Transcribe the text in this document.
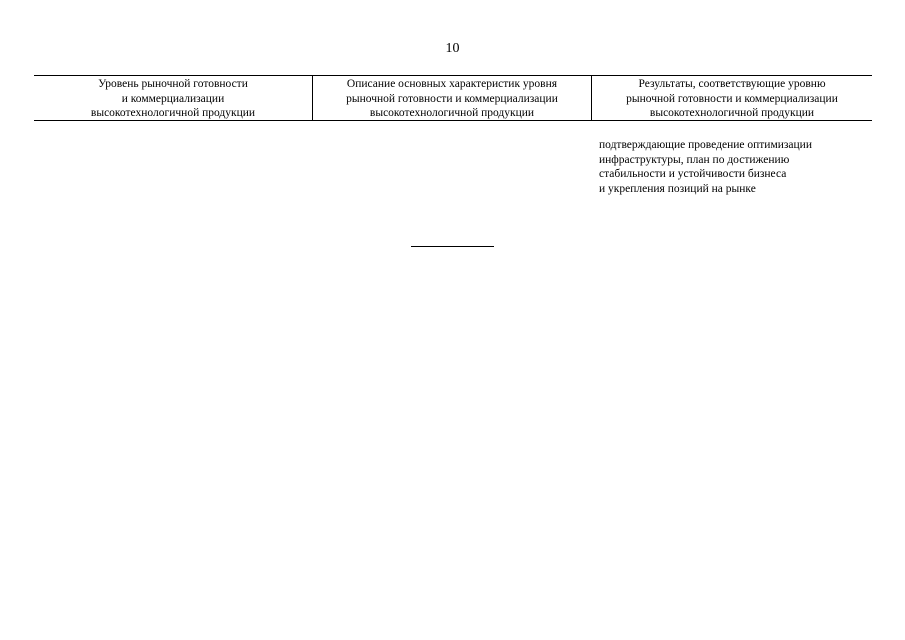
10
Уровень рыночной готовности
и коммерциализации
высокотехнологичной продукции
Описание основных характеристик уровня
рыночной готовности и коммерциализации
высокотехнологичной продукции
Результаты, соответствующие уровню
рыночной готовности и коммерциализации
высокотехнологичной продукции
подтверждающие проведение оптимизации
инфраструктуры, план по достижению
стабильности и устойчивости бизнеса
и укрепления позиций на рынке
